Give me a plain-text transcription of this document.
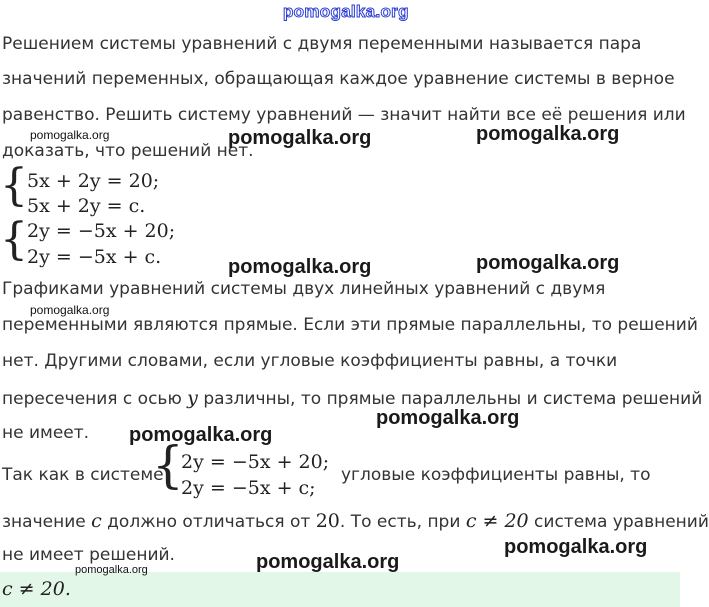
pomogalka.org
Решением системы уравнений с двумя переменными называется пара
значений переменных, обращающая каждое уравнение системы в верное
равенство. Решить систему уравнений — значит найти все её решения или
доказать, что решений нет.
{
{
5x + 2y = 20;
5x + 2y = c.
2y = −5x + 20;
2y = −5x + c.
Графиками уравнений системы двух линейных уравнений с двумя
переменными являются прямые. Если эти прямые параллельны, то решений
нет. Другими словами, если угловые коэффициенты равны, а точки
пересечения с осью y различны, то прямые параллельны и система решений
не имеет.
Так как в системе
{
2y = −5x + 20;
2y = −5x + c;
угловые коэффициенты равны, то
значение c должно отличаться от 20. То есть, при c ≠ 20 система уравнений
не имеет решений.
c ≠ 20.
pomogalka.org	pomogalka.org	pomogalka.org
pomogalka.org	pomogalka.org
pomogalka.org
pomogalka.org
pomogalka.org
pomogalka.org
pomogalka.org
pomogalka.org
